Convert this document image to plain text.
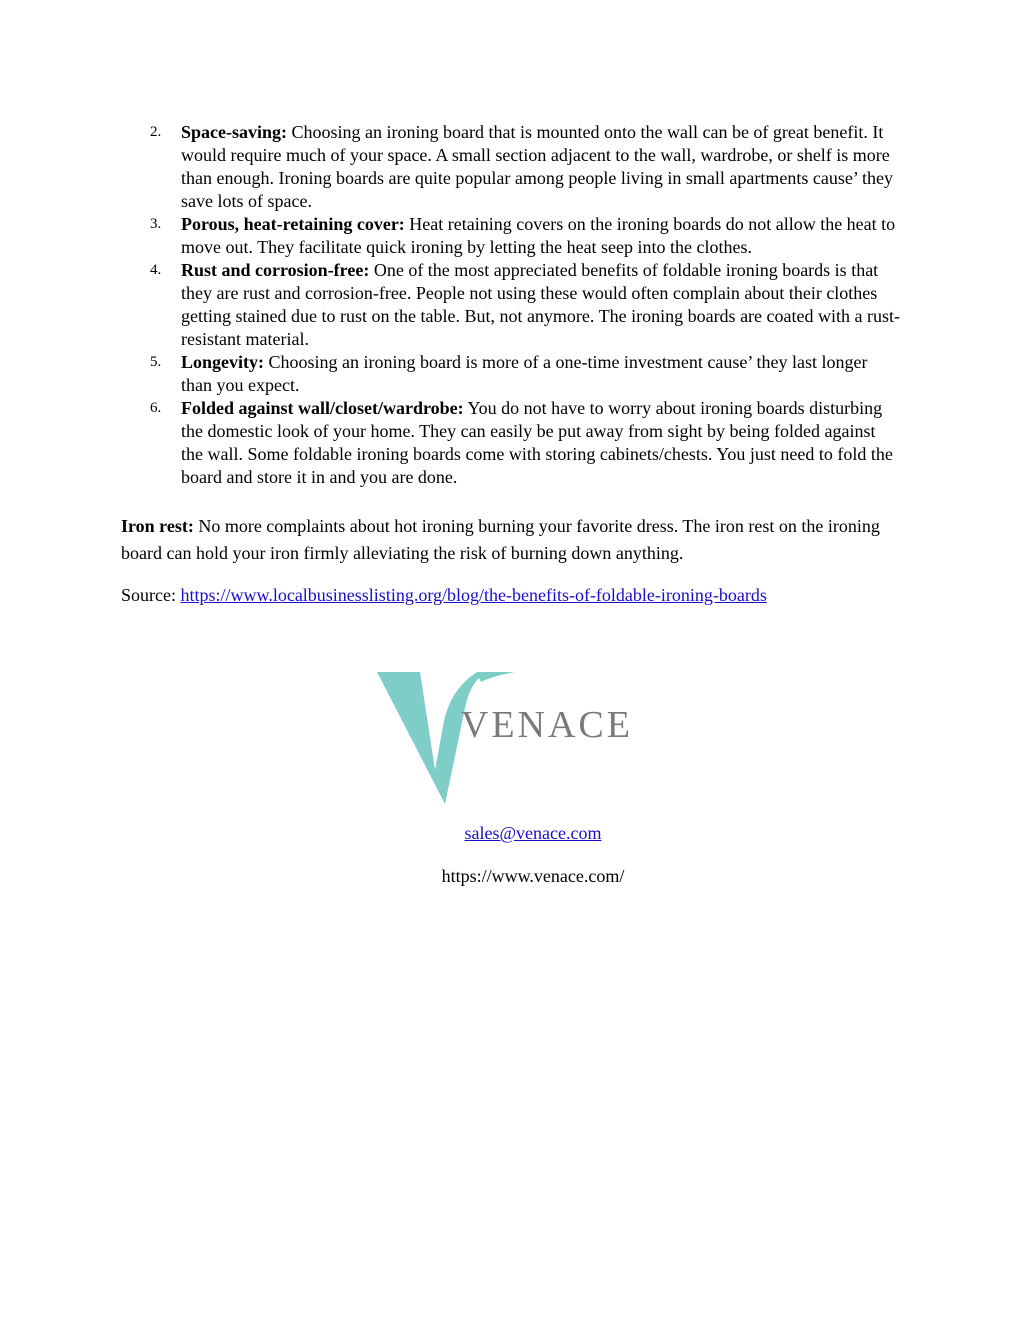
2. Space-saving: Choosing an ironing board that is mounted onto the wall can be of great benefit. It would require much of your space. A small section adjacent to the wall, wardrobe, or shelf is more than enough. Ironing boards are quite popular among people living in small apartments cause’ they save lots of space.
3. Porous, heat-retaining cover: Heat retaining covers on the ironing boards do not allow the heat to move out. They facilitate quick ironing by letting the heat seep into the clothes.
4. Rust and corrosion-free: One of the most appreciated benefits of foldable ironing boards is that they are rust and corrosion-free. People not using these would often complain about their clothes getting stained due to rust on the table. But, not anymore. The ironing boards are coated with a rust-resistant material.
5. Longevity: Choosing an ironing board is more of a one-time investment cause’ they last longer than you expect.
6. Folded against wall/closet/wardrobe: You do not have to worry about ironing boards disturbing the domestic look of your home. They can easily be put away from sight by being folded against the wall. Some foldable ironing boards come with storing cabinets/chests. You just need to fold the board and store it in and you are done.

Iron rest: No more complaints about hot ironing burning your favorite dress. The iron rest on the ironing board can hold your iron firmly alleviating the risk of burning down anything.

Source: https://www.localbusinesslisting.org/blog/the-benefits-of-foldable-ironing-boards

VENACE

sales@venace.com

https://www.venace.com/
